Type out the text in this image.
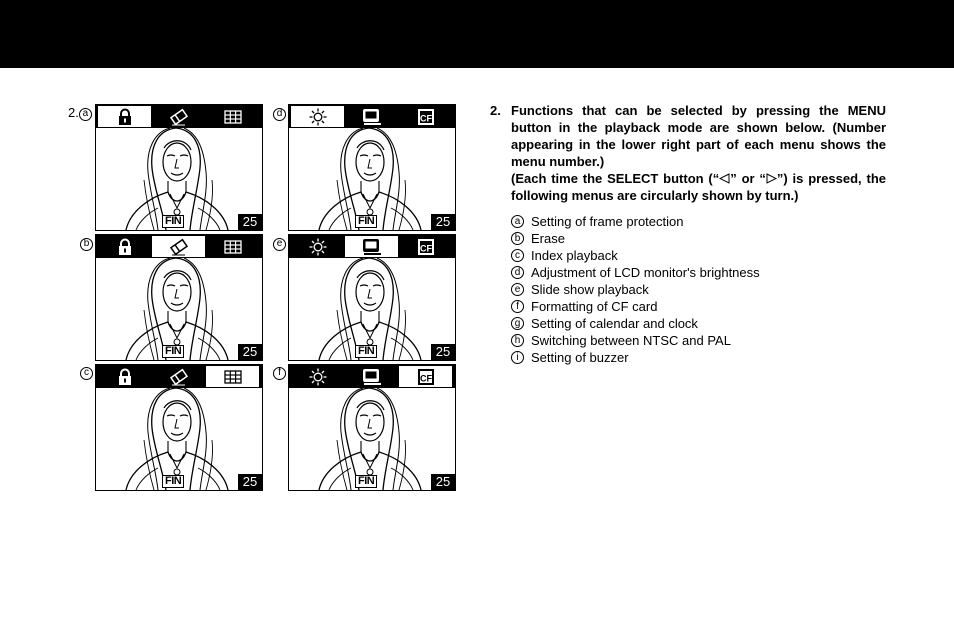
2. a
b
c
d
e
f
FIN	25
FIN	25
FIN	25
CF
FIN	25
CF
FIN	25
CF
FIN	25
2. Functions that can be selected by pressing the MENU button in the playback mode are shown below. (Number appearing in the lower right part of each menu shows the menu number.)

(Each time the SELECT button (“ ” or “ ”) is pressed, the following menus are circularly shown by turn.)

a Setting of frame protection
b Erase
c Index playback
d Adjustment of LCD monitor's brightness
e Slide show playback
f Formatting of CF card
g Setting of calendar and clock
h Switching between NTSC and PAL
i Setting of buzzer
